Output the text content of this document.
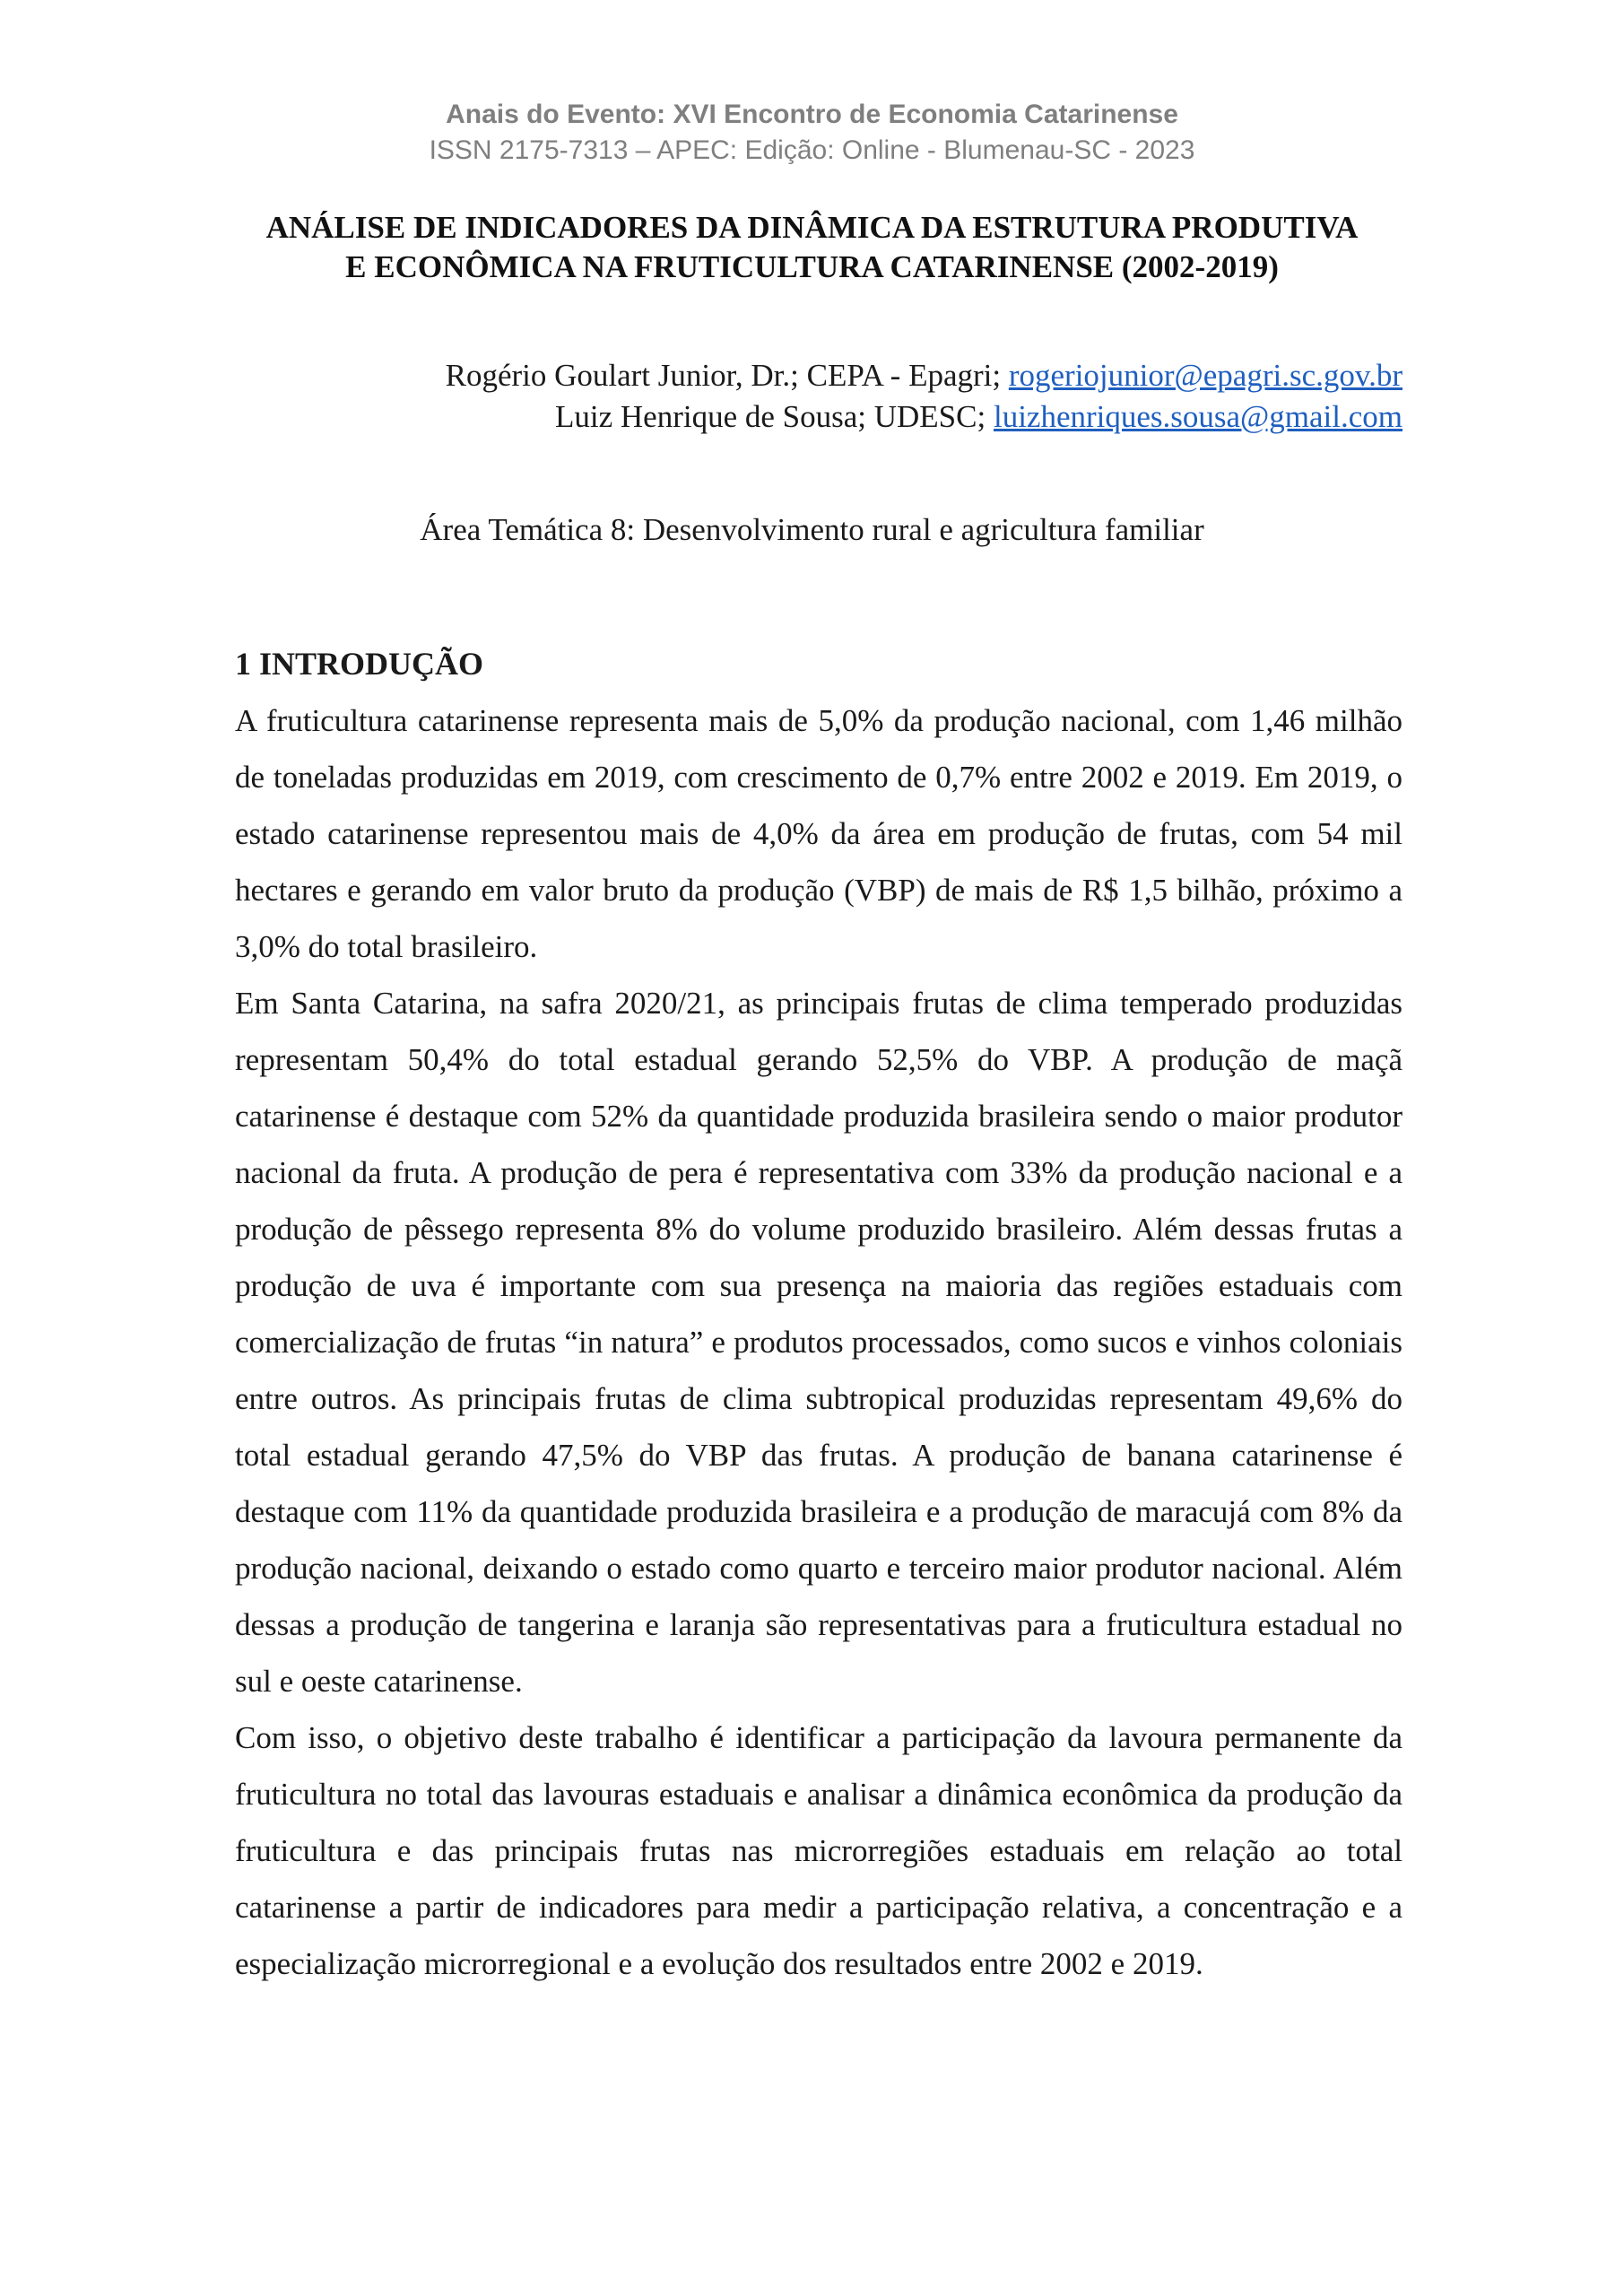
Anais do Evento: XVI Encontro de Economia Catarinense
ISSN 2175-7313 – APEC: Edição: Online - Blumenau-SC - 2023
ANÁLISE DE INDICADORES DA DINÂMICA DA ESTRUTURA PRODUTIVA
E ECONÔMICA NA FRUTICULTURA CATARINENSE (2002-2019)
Rogério Goulart Junior, Dr.; CEPA - Epagri; rogeriojunior@epagri.sc.gov.br
Luiz Henrique de Sousa; UDESC; luizhenriques.sousa@gmail.com
Área Temática 8: Desenvolvimento rural e agricultura familiar
1 INTRODUÇÃO

A fruticultura catarinense representa mais de 5,0% da produção nacional, com 1,46 milhão de toneladas produzidas em 2019, com crescimento de 0,7% entre 2002 e 2019. Em 2019, o estado catarinense representou mais de 4,0% da área em produção de frutas, com 54 mil hectares e gerando em valor bruto da produção (VBP) de mais de R$ 1,5 bilhão, próximo a 3,0% do total brasileiro.

Em Santa Catarina, na safra 2020/21, as principais frutas de clima temperado produzidas representam 50,4% do total estadual gerando 52,5% do VBP. A produção de maçã catarinense é destaque com 52% da quantidade produzida brasileira sendo o maior produtor nacional da fruta. A produção de pera é representativa com 33% da produção nacional e a produção de pêssego representa 8% do volume produzido brasileiro. Além dessas frutas a produção de uva é importante com sua presença na maioria das regiões estaduais com comercialização de frutas “in natura” e produtos processados, como sucos e vinhos coloniais entre outros. As principais frutas de clima subtropical produzidas representam 49,6% do total estadual gerando 47,5% do VBP das frutas. A produção de banana catarinense é destaque com 11% da quantidade produzida brasileira e a produção de maracujá com 8% da produção nacional, deixando o estado como quarto e terceiro maior produtor nacional. Além dessas a produção de tangerina e laranja são representativas para a fruticultura estadual no sul e oeste catarinense.

Com isso, o objetivo deste trabalho é identificar a participação da lavoura permanente da fruticultura no total das lavouras estaduais e analisar a dinâmica econômica da produção da fruticultura e das principais frutas nas microrregiões estaduais em relação ao total catarinense a partir de indicadores para medir a participação relativa, a concentração e a especialização microrregional e a evolução dos resultados entre 2002 e 2019.
